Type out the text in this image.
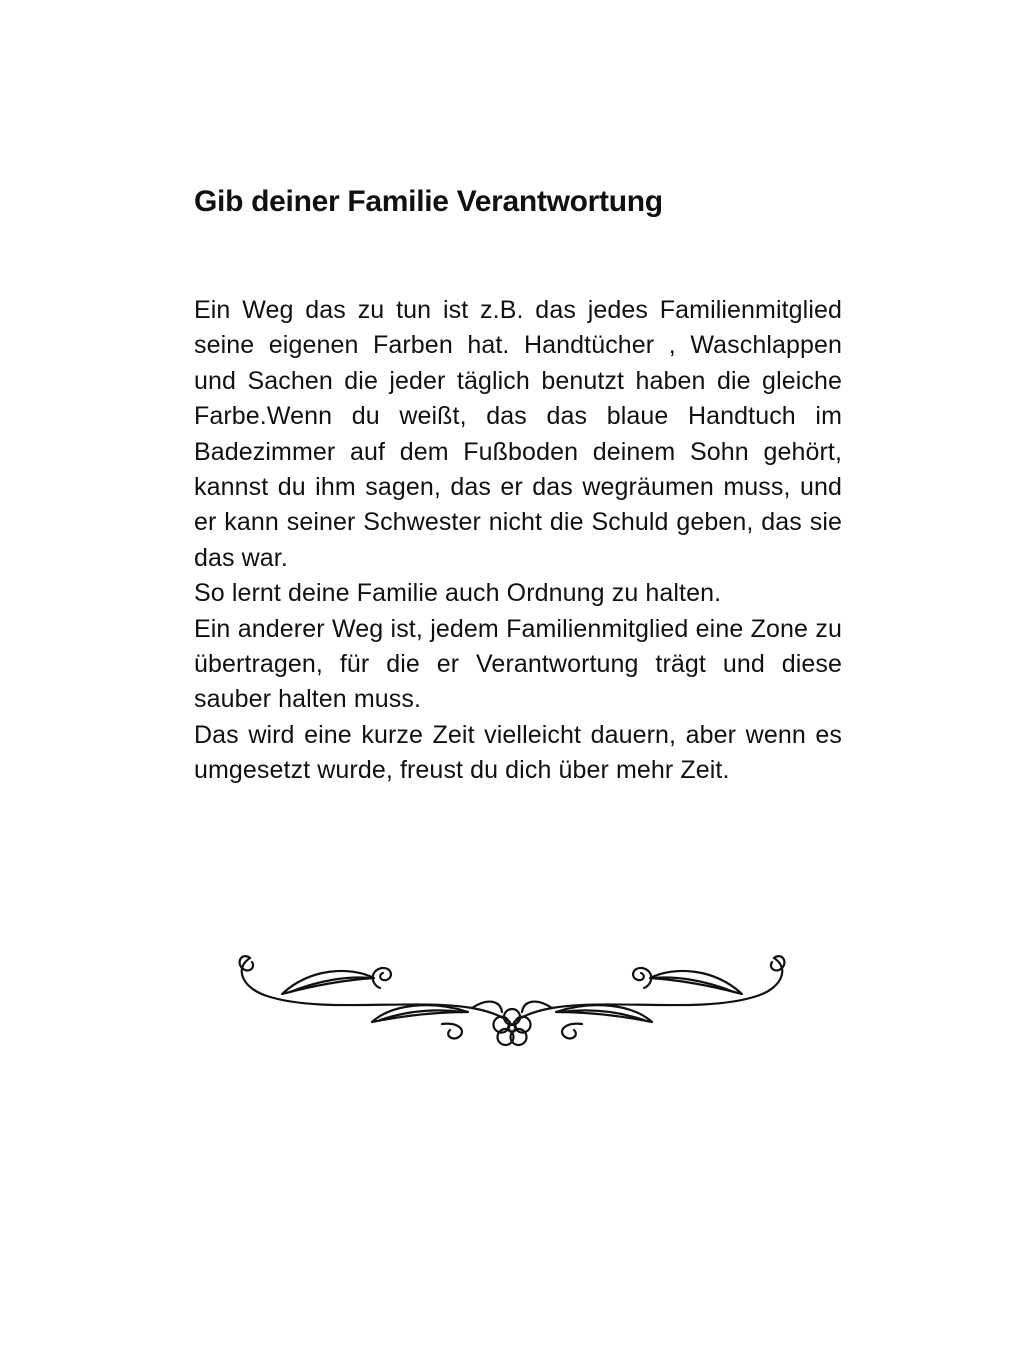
Gib deiner Familie Verantwortung

Ein Weg das zu tun ist z.B. das jedes Familienmitglied seine eigenen Farben hat. Handtücher , Waschlappen und Sachen die jeder täglich benutzt haben die gleiche Farbe.Wenn du weißt, das das blaue Handtuch im Badezimmer auf dem Fußboden deinem Sohn gehört, kannst du ihm sagen, das er das wegräumen muss, und er kann seiner Schwester nicht die Schuld geben, das sie das war.

So lernt deine Familie auch Ordnung zu halten.

Ein anderer Weg ist, jedem Familienmitglied eine Zone zu übertragen, für die er Verantwortung trägt und diese sauber halten muss.

Das wird eine kurze Zeit vielleicht dauern, aber wenn es umgesetzt wurde, freust du dich über mehr Zeit.
